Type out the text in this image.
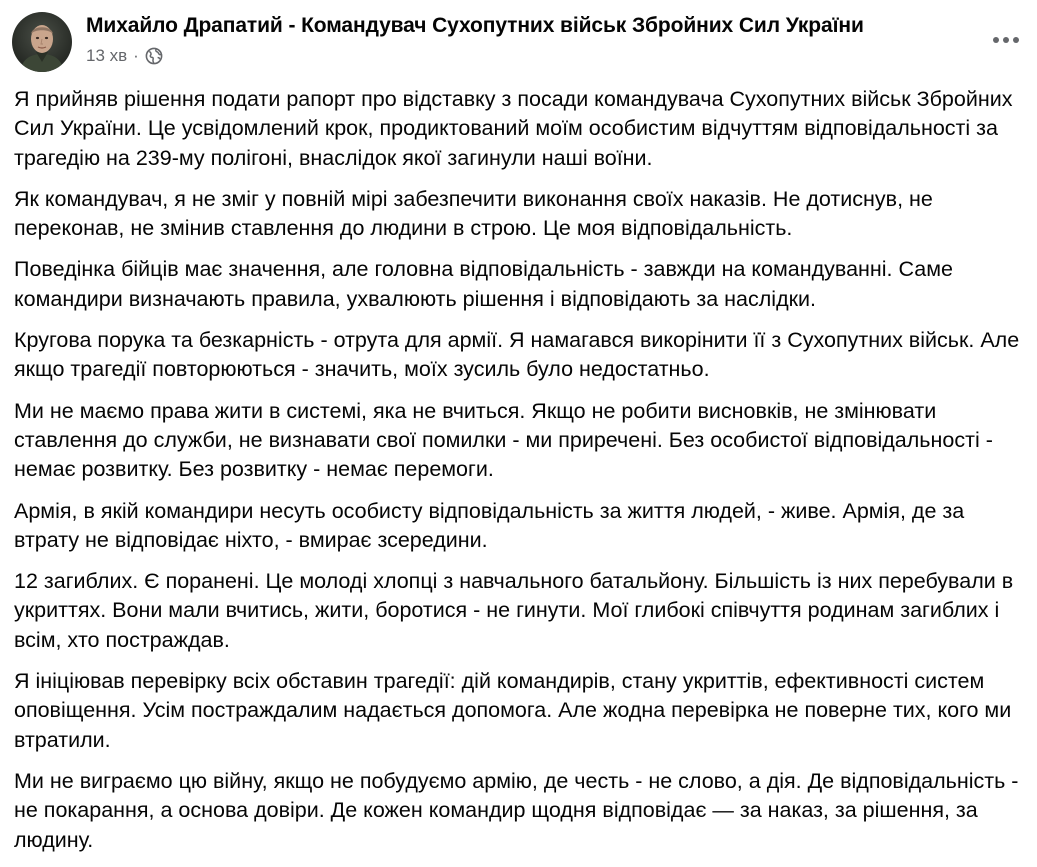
Михайло Драпатий - Командувач Сухопутних військ Збройних Сил України
13 хв ·

Я прийняв рішення подати рапорт про відставку з посади командувача Сухопутних військ Збройних Сил України. Це усвідомлений крок, продиктований моїм особистим відчуттям відповідальності за трагедію на 239-му полігоні, внаслідок якої загинули наші воїни.

Як командувач, я не зміг у повній мірі забезпечити виконання своїх наказів. Не дотиснув, не переконав, не змінив ставлення до людини в строю. Це моя відповідальність.

Поведінка бійців має значення, але головна відповідальність - завжди на командуванні. Саме командири визначають правила, ухвалюють рішення і відповідають за наслідки.

Кругова порука та безкарність - отрута для армії. Я намагався викорінити її з Сухопутних військ. Але якщо трагедії повторюються - значить, моїх зусиль було недостатньо.

Ми не маємо права жити в системі, яка не вчиться. Якщо не робити висновків, не змінювати ставлення до служби, не визнавати свої помилки - ми приречені. Без особистої відповідальності - немає розвитку. Без розвитку - немає перемоги.

Армія, в якій командири несуть особисту відповідальність за життя людей, - живе. Армія, де за втрату не відповідає ніхто, - вмирає зсередини.

12 загиблих. Є поранені. Це молоді хлопці з навчального батальйону. Більшість із них перебували в укриттях. Вони мали вчитись, жити, боротися - не гинути. Мої глибокі співчуття родинам загиблих і всім, хто постраждав.

Я ініціював перевірку всіх обставин трагедії: дій командирів, стану укриттів, ефективності систем оповіщення. Усім постраждалим надається допомога. Але жодна перевірка не поверне тих, кого ми втратили.

Ми не виграємо цю війну, якщо не побудуємо армію, де честь - не слово, а дія. Де відповідальність - не покарання, а основа довіри. Де кожен командир щодня відповідає — за наказ, за рішення, за людину.
